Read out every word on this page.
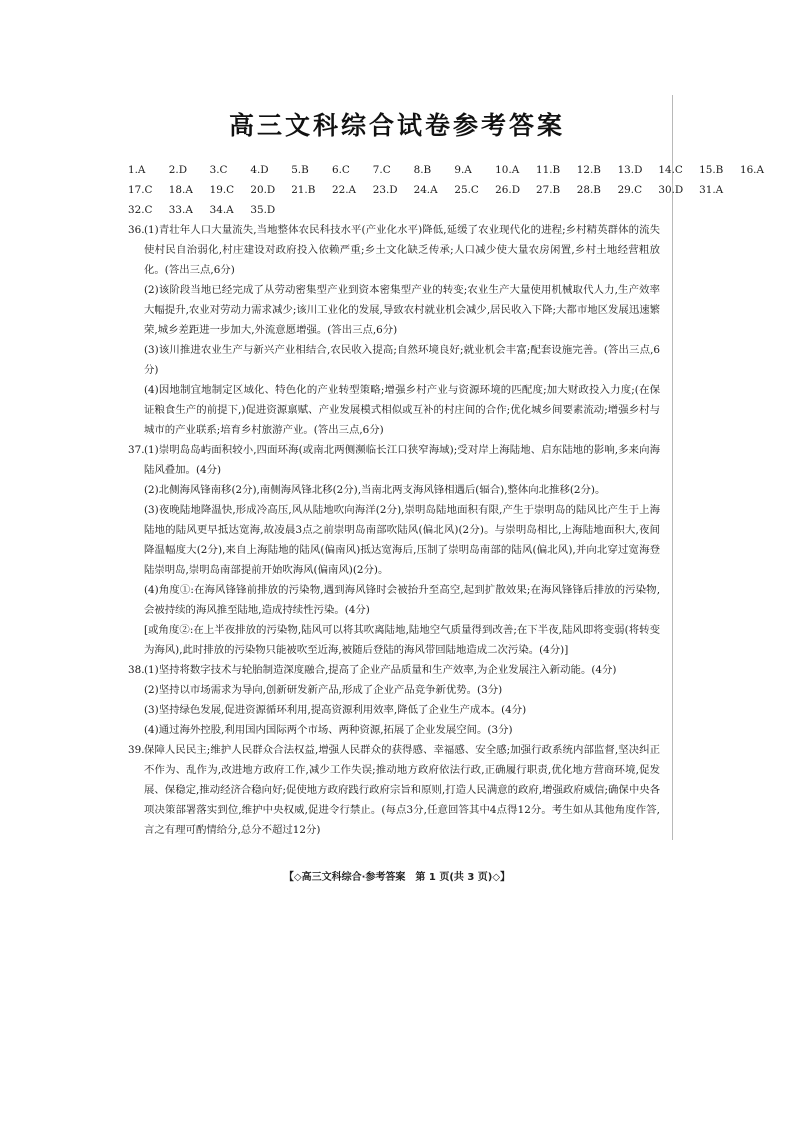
高三文科综合试卷参考答案
1.A	2.D	3.C	4.D	5.B	6.C	7.C	8.B	9.A	10.A	11.B	12.B	13.D	14.C	15.B	16.A
17.C	18.A	19.C	20.D	21.B	22.A	23.D	24.A	25.C	26.D	27.B	28.B	29.C	30.D	31.A
32.C	33.A	34.A	35.D
36. (1)青壮年人口大量流失,当地整体农民科技水平(产业化水平)降低,延缓了农业现代化的进程;乡村精英群体的流失使村民自治弱化,村庄建设对政府投入依赖严重;乡土文化缺乏传承;人口减少使大量农房闲置,乡村土地经营粗放化。(答出三点,6分)
(2)该阶段当地已经完成了从劳动密集型产业到资本密集型产业的转变;农业生产大量使用机械取代人力,生产效率大幅提升,农业对劳动力需求减少;该川工业化的发展,导致农村就业机会减少,居民收入下降;大都市地区发展迅速繁荣,城乡差距进一步加大,外流意愿增强。(答出三点,6分)
(3)该川推进农业生产与新兴产业相结合,农民收入提高;自然环境良好;就业机会丰富;配套设施完善。(答出三点,6分)
(4)因地制宜地制定区域化、特色化的产业转型策略;增强乡村产业与资源环境的匹配度;加大财政投入力度;(在保证粮食生产的前提下,)促进资源禀赋、产业发展模式相似或互补的村庄间的合作;优化城乡间要素流动;增强乡村与城市的产业联系;培育乡村旅游产业。(答出三点,6分)
37. (1)崇明岛岛屿面积较小,四面环海(或南北两侧濒临长江口狭窄海域);受对岸上海陆地、启东陆地的影响,多来向海陆风叠加。(4分)
(2)北侧海风锋南移(2分),南侧海风锋北移(2分),当南北两支海风锋相遇后(辐合),整体向北推移(2分)。
(3)夜晚陆地降温快,形成冷高压,风从陆地吹向海洋(2分),崇明岛陆地面积有限,产生于崇明岛的陆风比产生于上海陆地的陆风更早抵达宽海,故凌晨3点之前崇明岛南部吹陆风(偏北风)(2分)。与崇明岛相比,上海陆地面积大,夜间降温幅度大(2分),来自上海陆地的陆风(偏南风)抵达宽海后,压制了崇明岛南部的陆风(偏北风),并向北穿过宽海登陆崇明岛,崇明岛南部提前开始吹海风(偏南风)(2分)。
(4)角度①:在海风锋锋前排放的污染物,遇到海风锋时会被抬升至高空,起到扩散效果;在海风锋锋后排放的污染物,会被持续的海风推至陆地,造成持续性污染。(4分)
[或角度②:在上半夜排放的污染物,陆风可以将其吹离陆地,陆地空气质量得到改善;在下半夜,陆风即将变弱(将转变为海风),此时排放的污染物只能被吹至近海,被随后登陆的海风带回陆地造成二次污染。(4分)]
38. (1)坚持将数字技术与轮胎制造深度融合,提高了企业产品质量和生产效率,为企业发展注入新动能。(4分)
(2)坚持以市场需求为导向,创新研发新产品,形成了企业产品竞争新优势。(3分)
(3)坚持绿色发展,促进资源循环利用,提高资源利用效率,降低了企业生产成本。(4分)
(4)通过海外控股,利用国内国际两个市场、两种资源,拓展了企业发展空间。(3分)
39. 保障人民民主;维护人民群众合法权益,增强人民群众的获得感、幸福感、安全感;加强行政系统内部监督,坚决纠正不作为、乱作为,改进地方政府工作,减少工作失误;推动地方政府依法行政,正确履行职责,优化地方营商环境,促发展、保稳定,推动经济合稳向好;促使地方政府践行政府宗旨和原则,打造人民满意的政府,增强政府威信;确保中央各项决策部署落实到位,维护中央权威,促进令行禁止。(每点3分,任意回答其中4点得12分。考生如从其他角度作答,言之有理可酌情给分,总分不超过12分)
【◇高三文科综合·参考答案　第 1 页(共 3 页)◇】
